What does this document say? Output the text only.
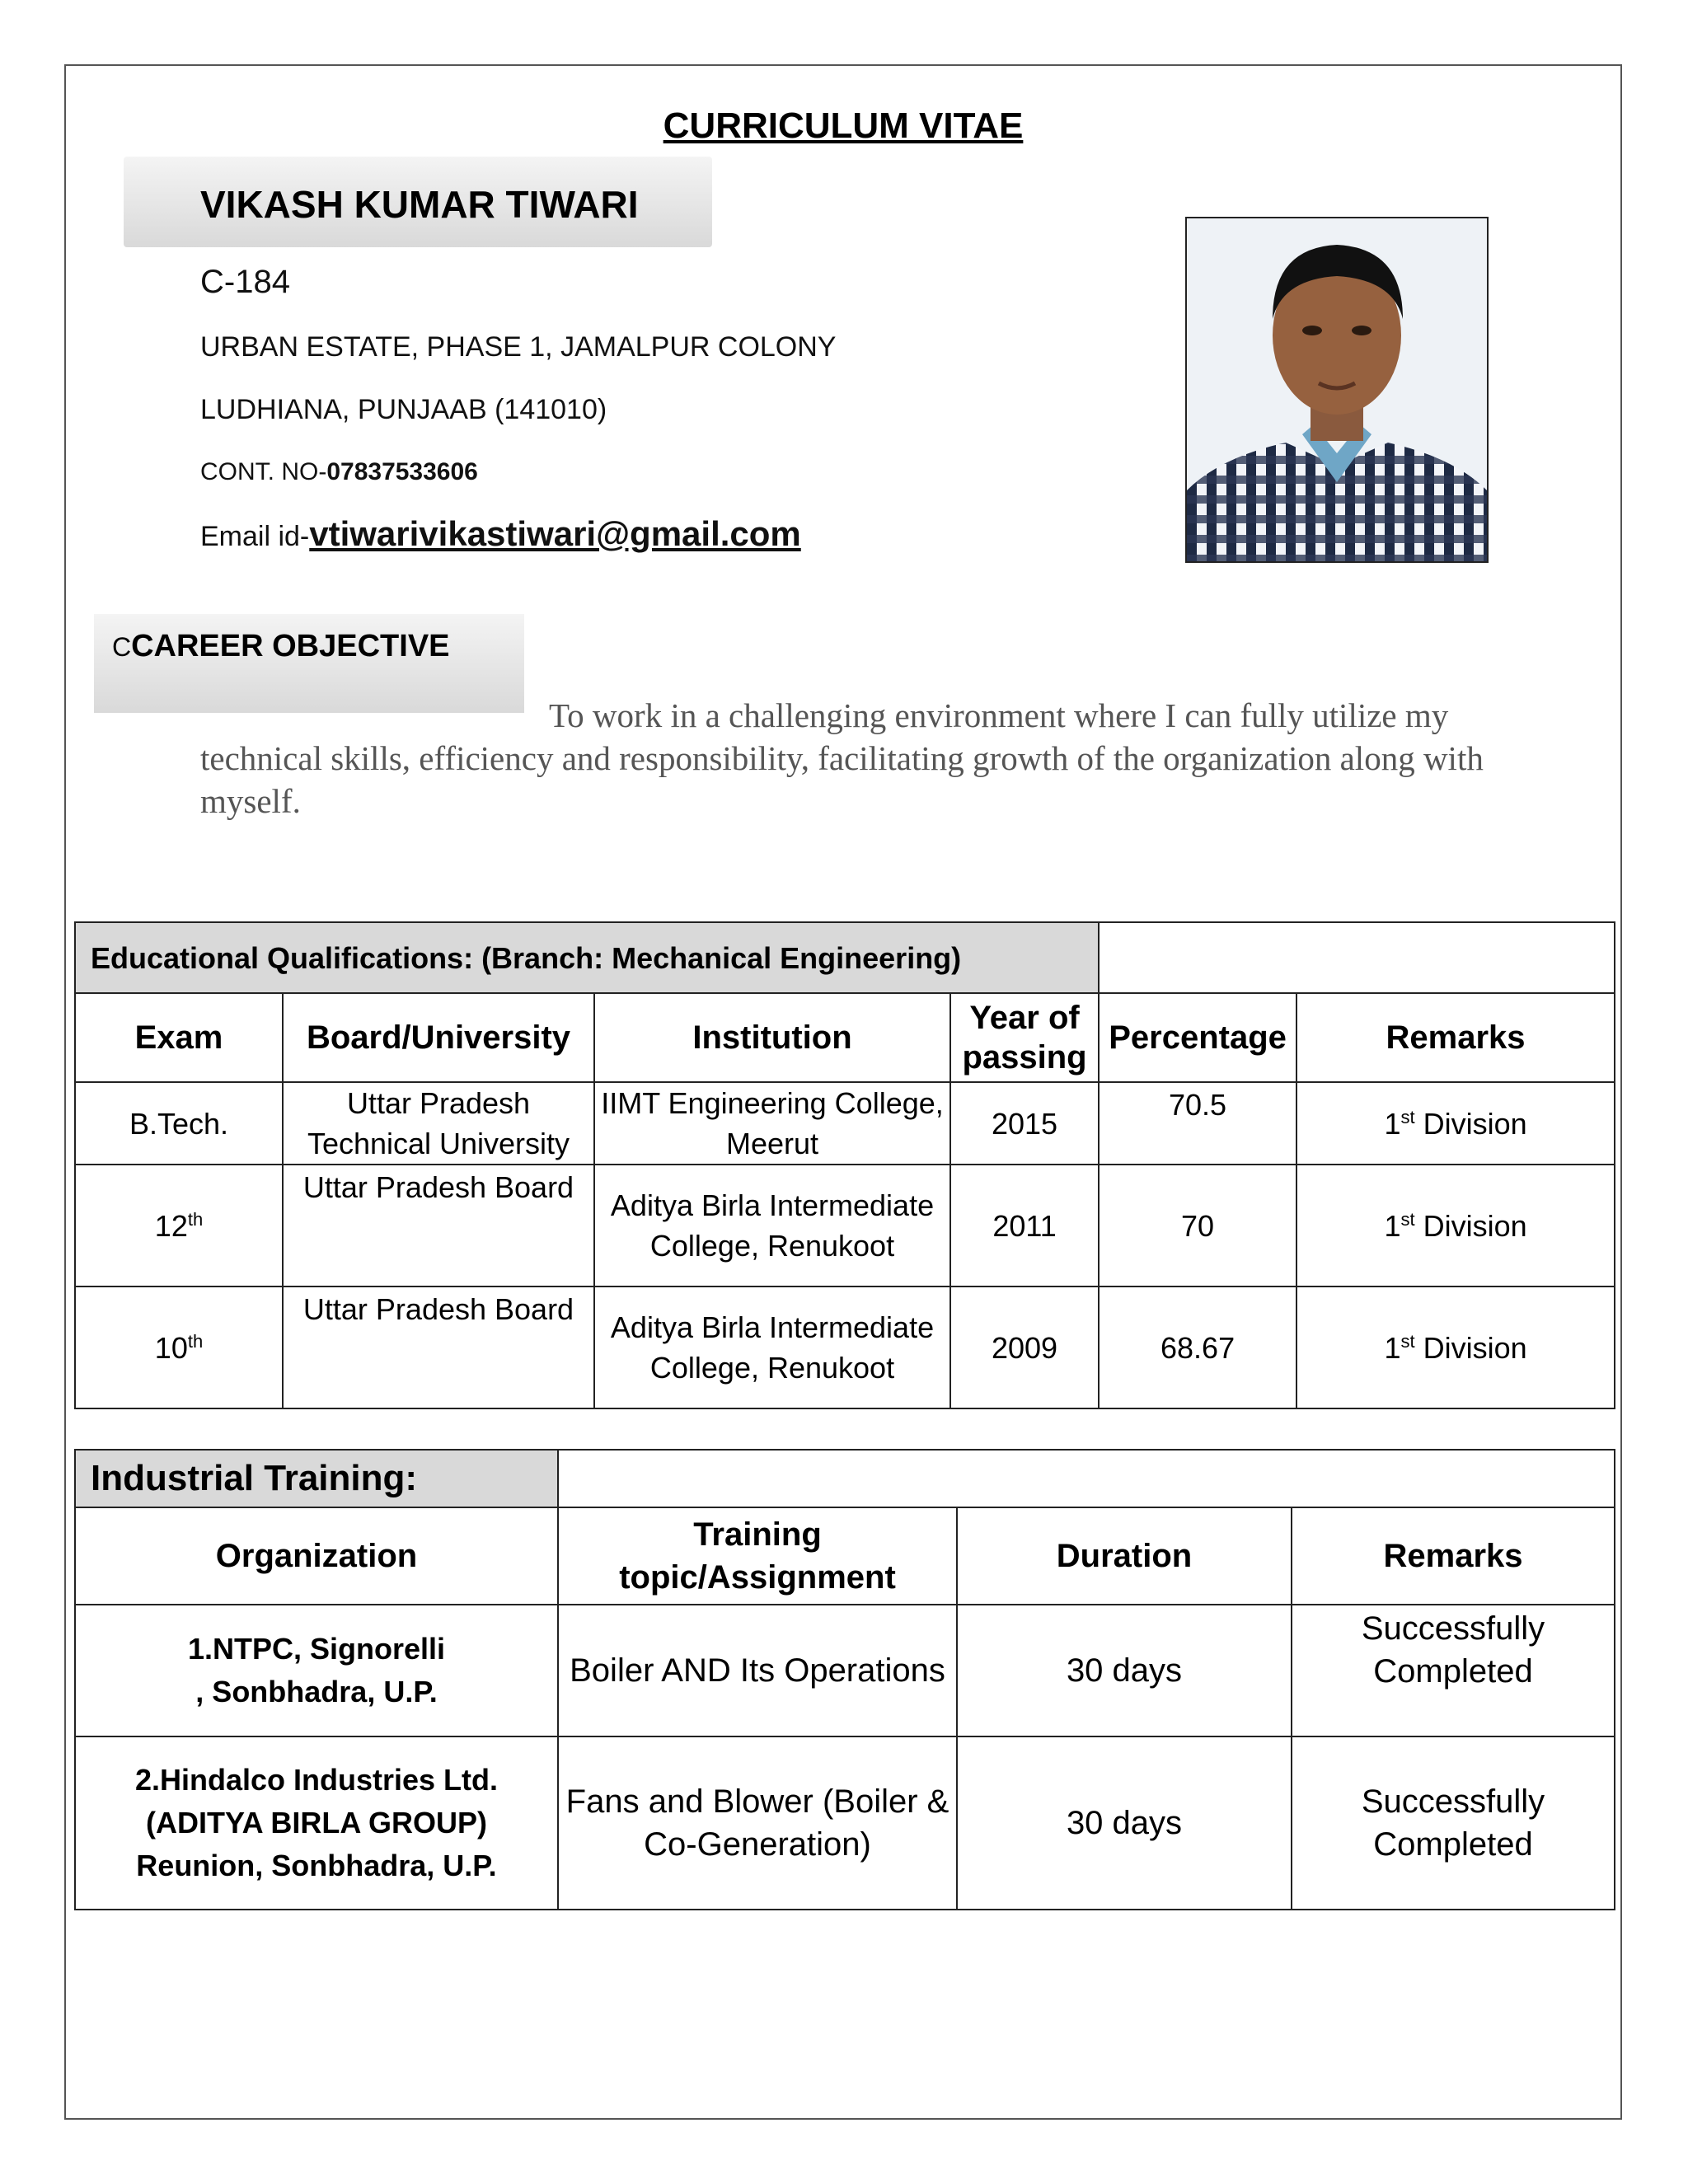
CURRICULUM VITAE
VIKASH KUMAR TIWARI
C-184
URBAN ESTATE, PHASE 1, JAMALPUR COLONY
LUDHIANA, PUNJAAB (141010)
CONT. NO-07837533606
Email id-vtiwarivikastiwari@gmail.com
CCAREER OBJECTIVE
To work in a challenging environment where I can fully utilize my technical skills, efficiency and responsibility, facilitating growth of the organization along with myself.
Educational Qualifications: (Branch: Mechanical Engineering)					
Exam	Board/University	Institution	Year of passing	Percentage	Remarks
B.Tech.	Uttar Pradesh Technical University	IIMT Engineering College, Meerut	2015	70.5	1st Division
12th	Uttar Pradesh Board	Aditya Birla Intermediate College, Renukoot	2011	70	1st Division
10th	Uttar Pradesh Board	Aditya Birla Intermediate College, Renukoot	2009	68.67	1st Division
Industrial Training:			
Organization	Training topic/Assignment	Duration	Remarks

1.NTPC, Signorelli
, Sonbhadra, U.P.	Boiler AND Its Operations	30 days	Successfully Completed

2.Hindalco Industries Ltd.
(ADITYA BIRLA GROUP)
Reunion, Sonbhadra, U.P.	Fans and Blower (Boiler & Co-Generation)	30 days	Successfully Completed
